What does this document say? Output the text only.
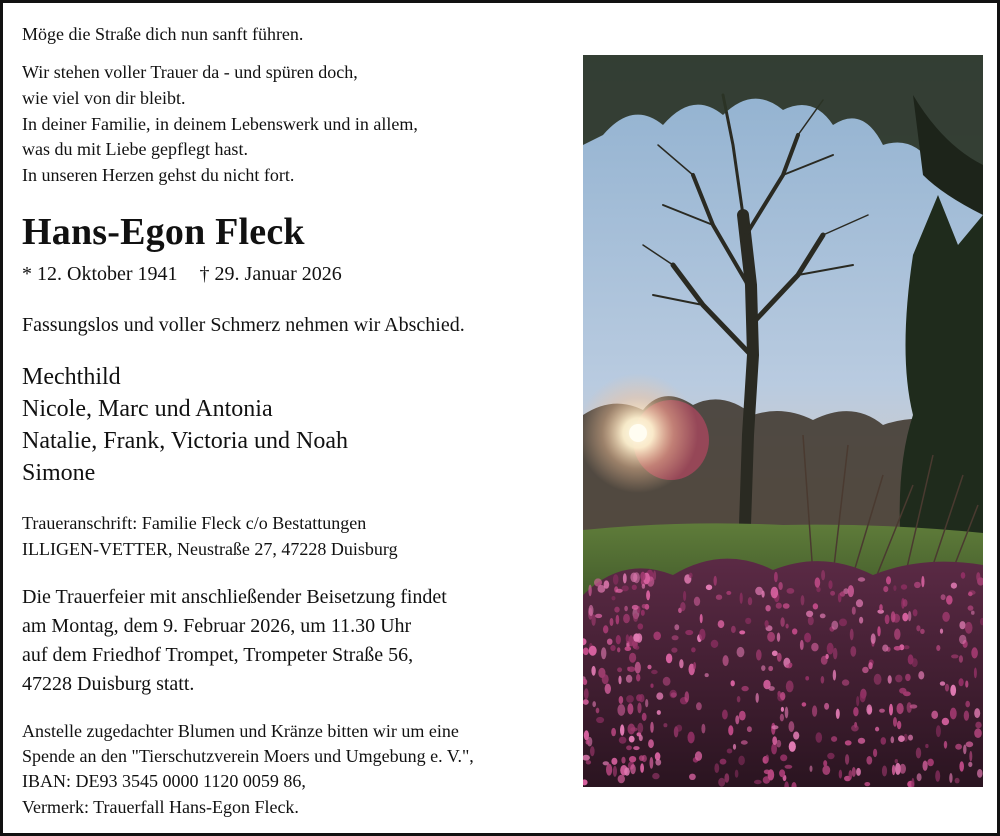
Möge die Straße dich nun sanft führen.
Wir stehen voller Trauer da - und spüren doch,
wie viel von dir bleibt.
In deiner Familie, in deinem Lebenswerk und in allem,
was du mit Liebe gepflegt hast.
In unseren Herzen gehst du nicht fort.
Hans-Egon Fleck
* 12. Oktober 1941 † 29. Januar 2026
Fassungslos und voller Schmerz nehmen wir Abschied.
Mechthild
Nicole, Marc und Antonia
Natalie, Frank, Victoria und Noah
Simone
Traueranschrift: Familie Fleck c/o Bestattungen
ILLIGEN-VETTER, Neustraße 27, 47228 Duisburg
Die Trauerfeier mit anschließender Beisetzung findet
am Montag, dem 9. Februar 2026, um 11.30 Uhr
auf dem Friedhof Trompet, Trompeter Straße 56,
47228 Duisburg statt.
Anstelle zugedachter Blumen und Kränze bitten wir um eine
Spende an den "Tierschutzverein Moers und Umgebung e. V.",
IBAN: DE93 3545 0000 1120 0059 86,
Vermerk: Trauerfall Hans-Egon Fleck.
